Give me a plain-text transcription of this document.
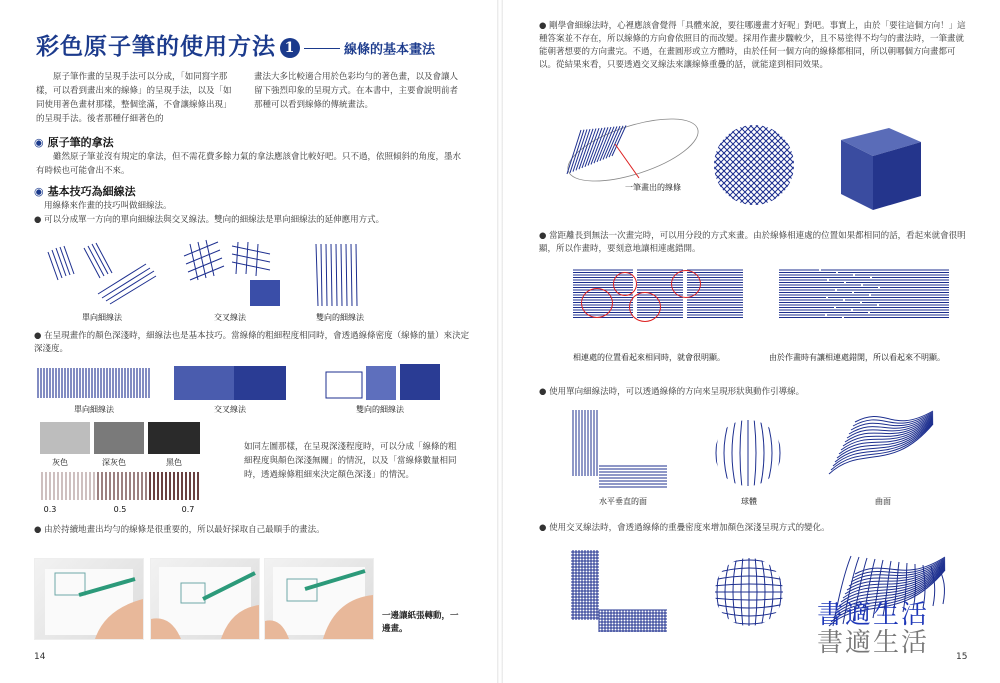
彩色原子筆的使用方法 1	線條的基本畫法
原子筆作畫的呈現手法可以分成，「如同寫字那樣，可以看到畫出來的線條」的呈現手法，以及「如同使用著色畫材那樣，整個塗滿，不會讓線條出現」的呈現手法。後者那種仔細著色的
畫法大多比較適合用於色彩均勻的著色畫，以及會讓人留下強烈印象的呈現方式。在本書中，主要會說明前者那種可以看到線條的傳統畫法。
◉ 原子筆的拿法
雖然原子筆並沒有規定的拿法，但不需花費多餘力氣的拿法應該會比較好吧。只不過，依照傾斜的角度，墨水有時候也可能會出不來。
◉ 基本技巧為細線法
用線條來作畫的技巧叫做細線法。
● 可以分成單一方向的單向細線法與交叉線法。雙向的細線法是單向細線法的延伸應用方式。
單向細線法	交叉線法	雙向的細線法
● 在呈現畫作的顏色深淺時，細線法也是基本技巧。當線條的粗細程度相同時，會透過線條密度（線條的量）來決定深淺度。
單向細線法	交叉線法	雙向的細線法
灰色	深灰色	黑色
0.3	0.5	0.7
如同左圖那樣，在呈現深淺程度時，可以分成「線條的粗細程度與顏色深淺無關」的情況，以及「當線條數量相同時，透過線條粗細來決定顏色深淺」的情況。
● 由於持續地畫出均勻的線條是很重要的，所以最好採取自己最順手的畫法。
一邊讓紙張轉動，一邊畫。
14
● 剛學會細線法時，心裡應該會覺得「具體來說，要往哪邊畫才好呢」對吧。事實上，由於「要往這個方向！」這種答案並不存在，所以線條的方向會依照目的而改變。採用作畫步驟較少，且不易塗得不均勻的畫法時，一筆畫就能朝著想要的方向畫完。不過，在畫圓形或立方體時，由於任何一個方向的線條都相同，所以朝哪個方向畫都可以。從結果來看，只要透過交叉線法來讓線條重疊的話，就能達到相同效果。
一筆畫出的線條
● 當距離長到無法一次畫完時，可以用分段的方式來畫。由於線條相連處的位置如果都相同的話，看起來就會很明顯，所以作畫時，要刻意地讓相連處錯開。
相連處的位置看起來相同時，就會很明顯。	由於作畫時有讓相連處錯開，所以看起來不明顯。
● 使用單向細線法時，可以透過線條的方向來呈現形狀與動作引導線。
水平垂直的面	球體	曲面
● 使用交叉線法時，會透過線條的重疊密度來增加顏色深淺呈現方式的變化。
書適生活
書適生活	15
